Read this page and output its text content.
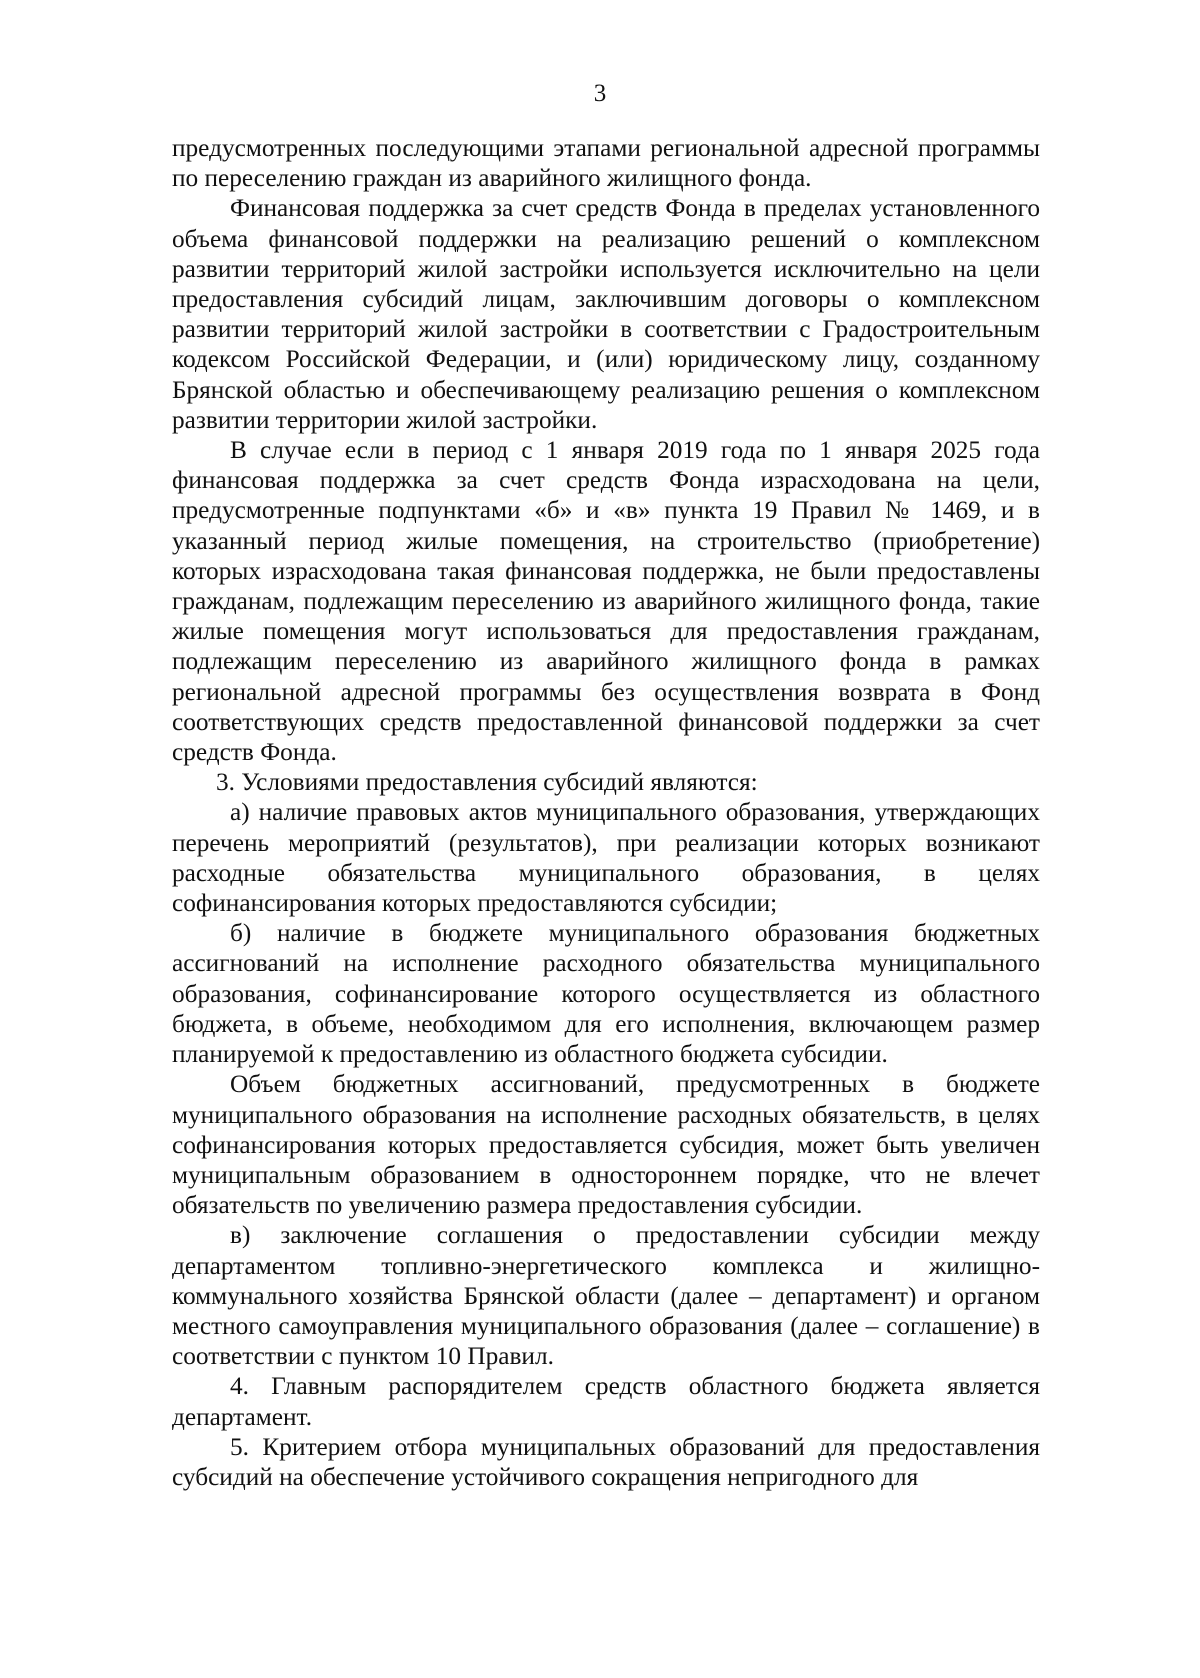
3

предусмотренных последующими этапами региональной адресной программы по переселению граждан из аварийного жилищного фонда.

Финансовая поддержка за счет средств Фонда в пределах установленного объема финансовой поддержки на реализацию решений о комплексном развитии территорий жилой застройки используется исключительно на цели предоставления субсидий лицам, заключившим договоры о комплексном развитии территорий жилой застройки в соответствии с Градостроительным кодексом Российской Федерации, и (или) юридическому лицу, созданному Брянской областью и обеспечивающему реализацию решения о комплексном развитии территории жилой застройки.

В случае если в период с 1 января 2019 года по 1 января 2025 года финансовая поддержка за счет средств Фонда израсходована на цели, предусмотренные подпунктами «б» и «в» пункта 19 Правил № 1469, и в указанный период жилые помещения, на строительство (приобретение) которых израсходована такая финансовая поддержка, не были предоставлены гражданам, подлежащим переселению из аварийного жилищного фонда, такие жилые помещения могут использоваться для предоставления гражданам, подлежащим переселению из аварийного жилищного фонда в рамках региональной адресной программы без осуществления возврата в Фонд соответствующих средств предоставленной финансовой поддержки за счет средств Фонда.

3. Условиями предоставления субсидий являются:

а) наличие правовых актов муниципального образования, утверждающих перечень мероприятий (результатов), при реализации которых возникают расходные обязательства муниципального образования, в целях софинансирования которых предоставляются субсидии;

б) наличие в бюджете муниципального образования бюджетных ассигнований на исполнение расходного обязательства муниципального образования, софинансирование которого осуществляется из областного бюджета, в объеме, необходимом для его исполнения, включающем размер планируемой к предоставлению из областного бюджета субсидии.

Объем бюджетных ассигнований, предусмотренных в бюджете муниципального образования на исполнение расходных обязательств, в целях софинансирования которых предоставляется субсидия, может быть увеличен муниципальным образованием в одностороннем порядке, что не влечет обязательств по увеличению размера предоставления субсидии.

в) заключение соглашения о предоставлении субсидии между департаментом топливно-энергетического комплекса и жилищно-коммунального хозяйства Брянской области (далее – департамент) и органом местного самоуправления муниципального образования (далее – соглашение) в соответствии с пунктом 10 Правил.

4. Главным распорядителем средств областного бюджета является департамент.

5. Критерием отбора муниципальных образований для предоставления субсидий на обеспечение устойчивого сокращения непригодного для
